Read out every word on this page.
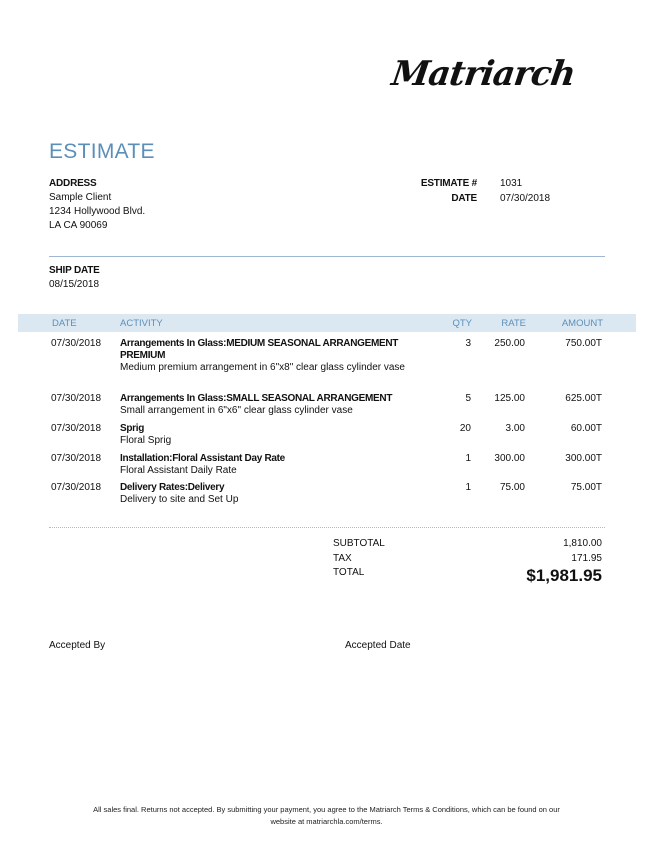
Matriarch
ESTIMATE
ADDRESS
Sample Client
1234 Hollywood Blvd.
LA CA 90069
ESTIMATE # 1031
DATE 07/30/2018
SHIP DATE
08/15/2018
DATE	ACTIVITY	QTY	RATE	AMOUNT
07/30/2018 Arrangements In Glass:MEDIUM SEASONAL ARRANGEMENT PREMIUM
Medium premium arrangement in 6"x8" clear glass cylinder vase
3 250.00	750.00T
07/30/2018 Arrangements In Glass:SMALL SEASONAL ARRANGEMENT
Small arrangement in 6"x6" clear glass cylinder vase
5 125.00	625.00T
07/30/2018 Sprig
Floral Sprig
20	3.00	60.00T
07/30/2018 Installation:Floral Assistant Day Rate
Floral Assistant Daily Rate
1 300.00	300.00T
07/30/2018 Delivery Rates:Delivery
Delivery to site and Set Up
1	75.00	75.00T
SUBTOTAL	1,810.00
TAX	171.95
TOTAL	$1,981.95
Accepted By	Accepted Date
All sales final. Returns not accepted. By submitting your payment, you agree to the Matriarch Terms & Conditions, which can be found on our
website at matriarchla.com/terms.
